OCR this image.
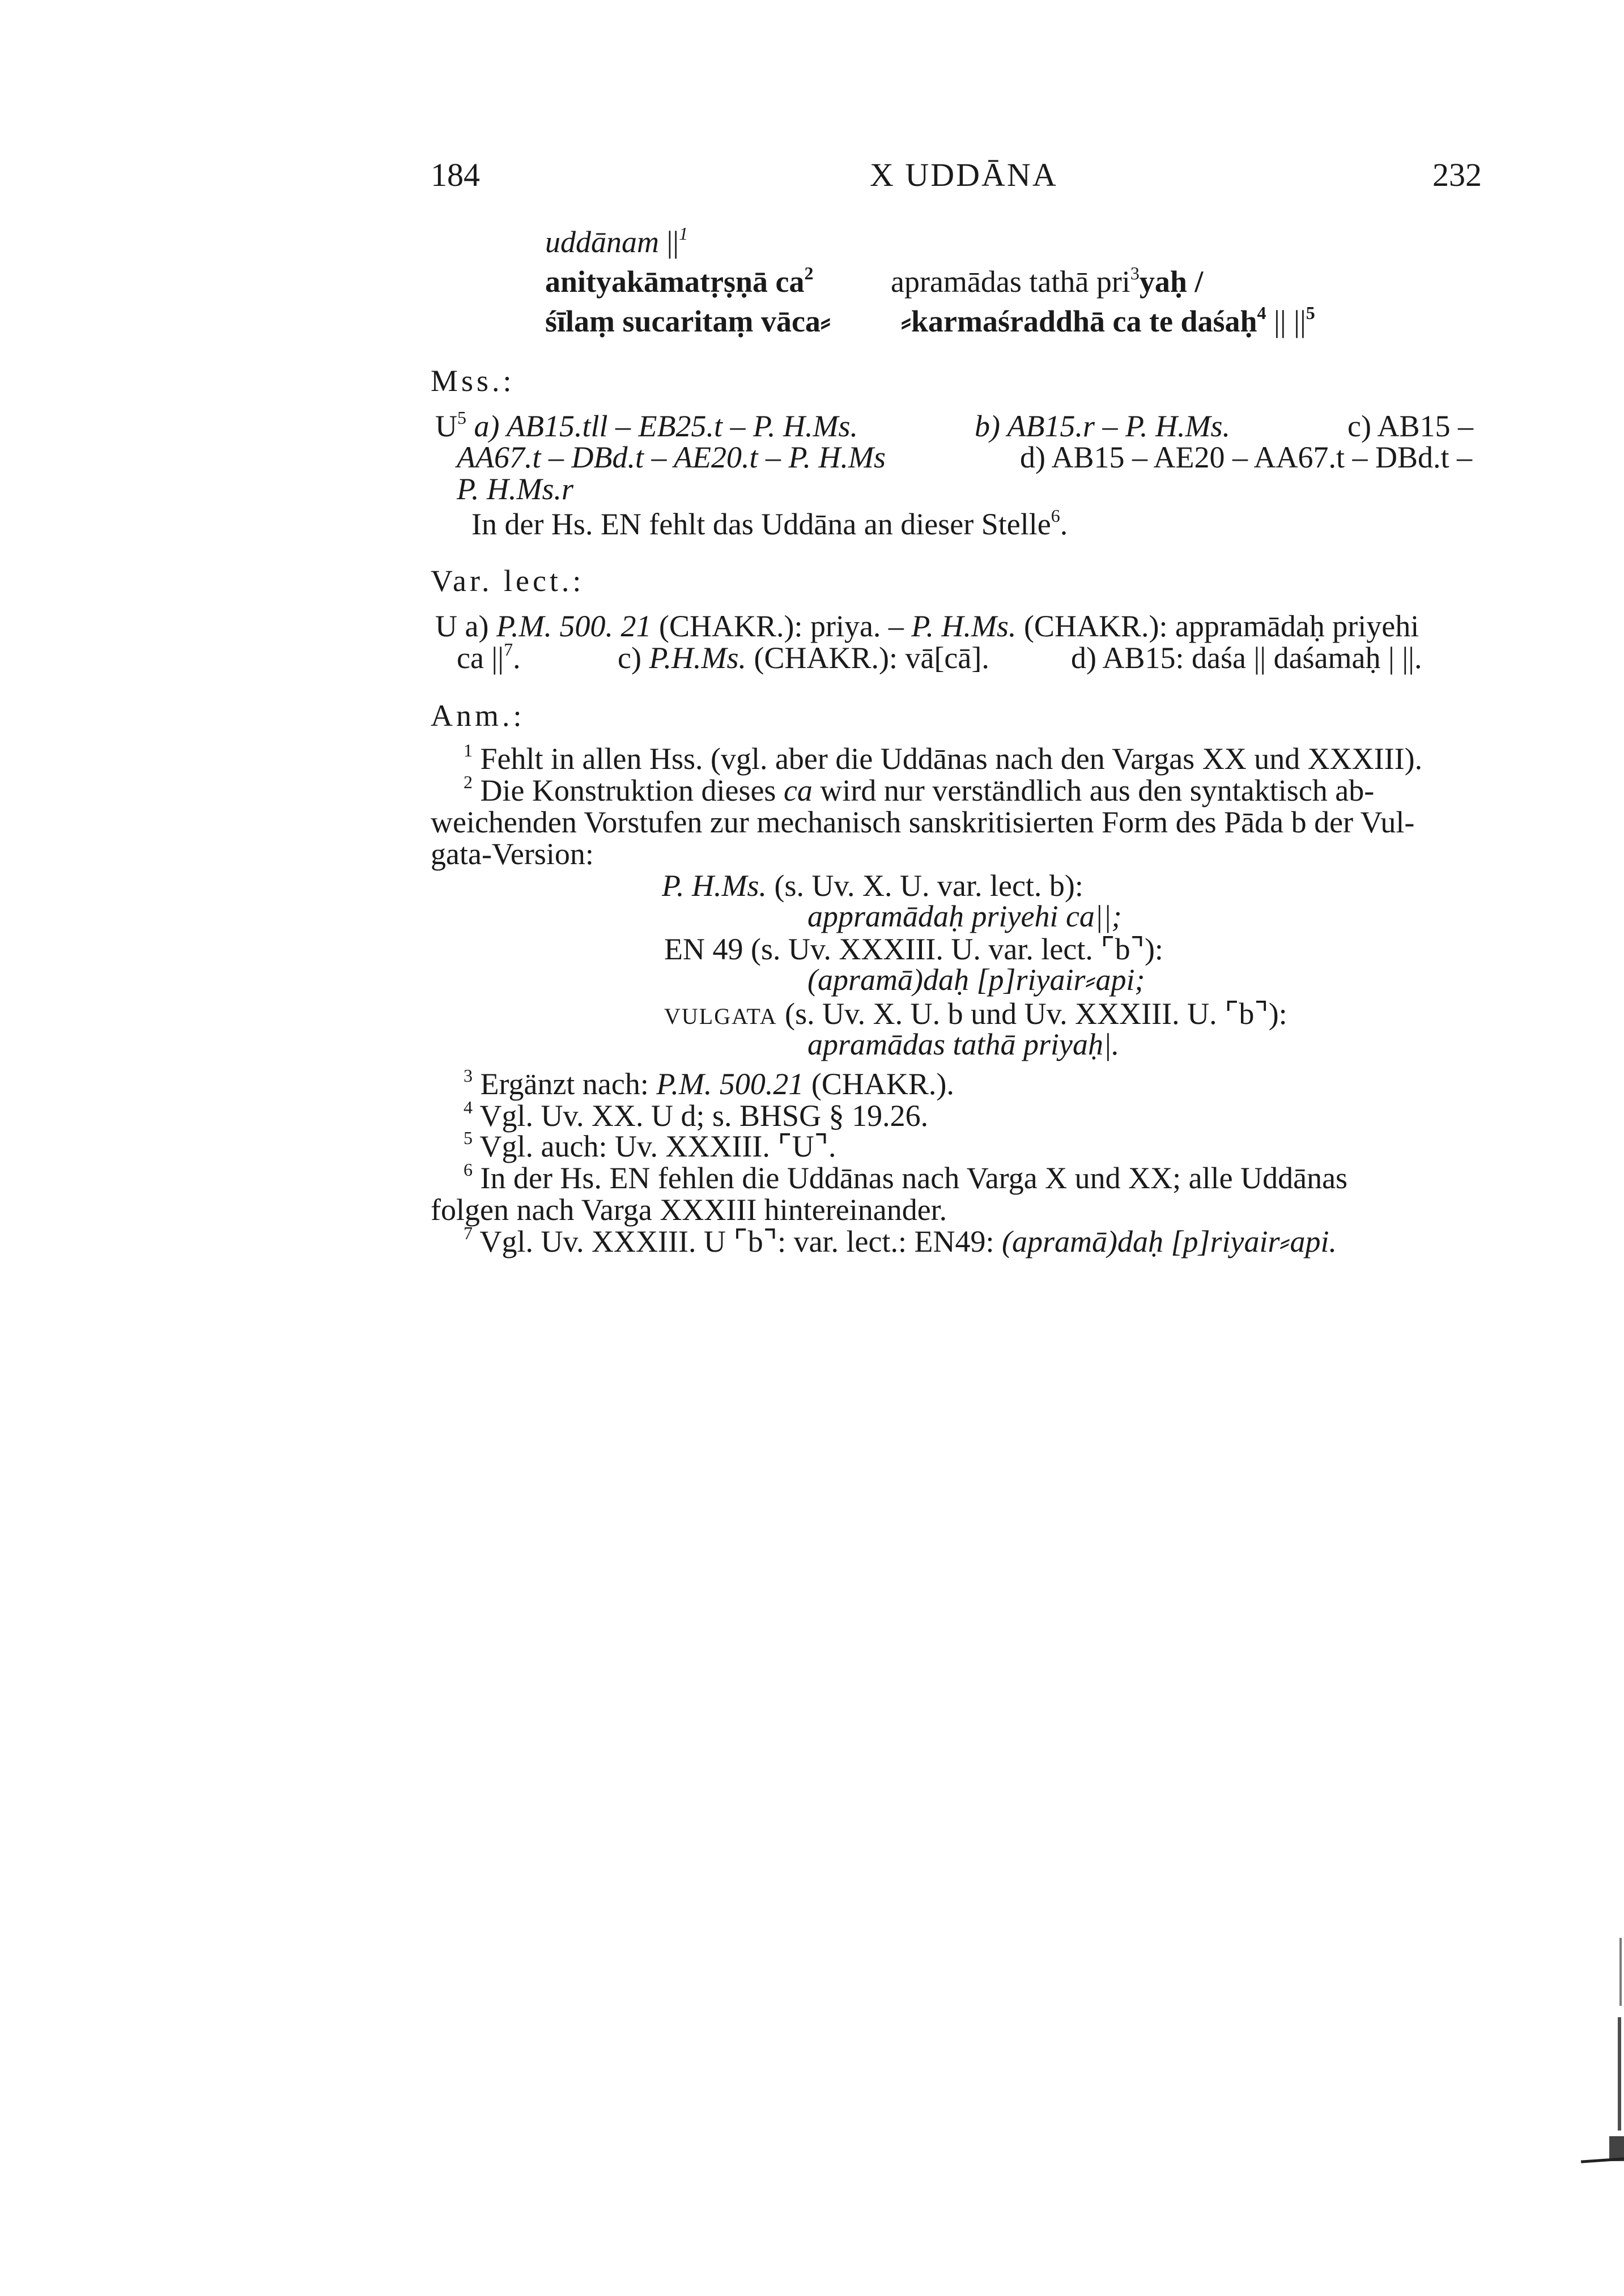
184	X UDDĀNA	232
uddānam $||^1$
anityakāmatṛṣṇā $ca^2$	apramādas tathā pri$^3$yaḥ /
śīlaṃ sucaritaṃ vāca⸗ ⸗karmaśraddhā ca te daśaḥ$^4$ || $||^5$
Mss.:
$U^5$ a) AB15.tll – EB25.t – P. H.Ms.	b) AB15.r – P. H.Ms.	c) AB15 –
AA67.t – DBd.t – AE20.t – P. H.Ms	d) AB15 – AE20 – AA67.t – DBd.t –
P. H.Ms.r
In der Hs. EN fehlt das Uddāna an dieser Stelle$^6$.
Var. lect.:
U a) P.M. 500. 21 (CHAKR.): priya. – P. H.Ms. (CHAKR.): appramādaḥ priyehi
ca $||^7$.	c) P.H.Ms. (CHAKR.): vā[cā].	d) AB15: daśa || daśamaḥ | ||.
Anm.:
$^1$ Fehlt in allen Hss. (vgl. aber die Uddānas nach den Vargas XX und XXXIII).
$^2$ Die Konstruktion dieses ca wird nur verständlich aus den syntaktisch ab-
weichenden Vorstufen zur mechanisch sanskritisierten Form des Pāda b der Vul-
gata-Version:
P. H.Ms. (s. Uv. X. U. var. lect. b):
appramādaḥ priyehi ca||;
EN 49 (s. Uv. XXXIII. U. var. lect. ⌜b⌝):
(apramā)daḥ [p]riyair⸗api;
VULGATA (s. Uv. X. U. b und Uv. XXXIII. U. ⌜b⌝):
apramādas tathā priyaḥ|.
$^3$ Ergänzt nach: P.M. 500.21 (CHAKR.).
$^4$ Vgl. Uv. XX. U d; s. BHSG § 19.26.
$^5$ Vgl. auch: Uv. XXXIII. ⌜U⌝.
$^6$ In der Hs. EN fehlen die Uddānas nach Varga X und XX; alle Uddānas
folgen nach Varga XXXIII hintereinander.
$^7$ Vgl. Uv. XXXIII. U ⌜b⌝: var. lect.: EN49: (apramā)daḥ [p]riyair⸗api.
